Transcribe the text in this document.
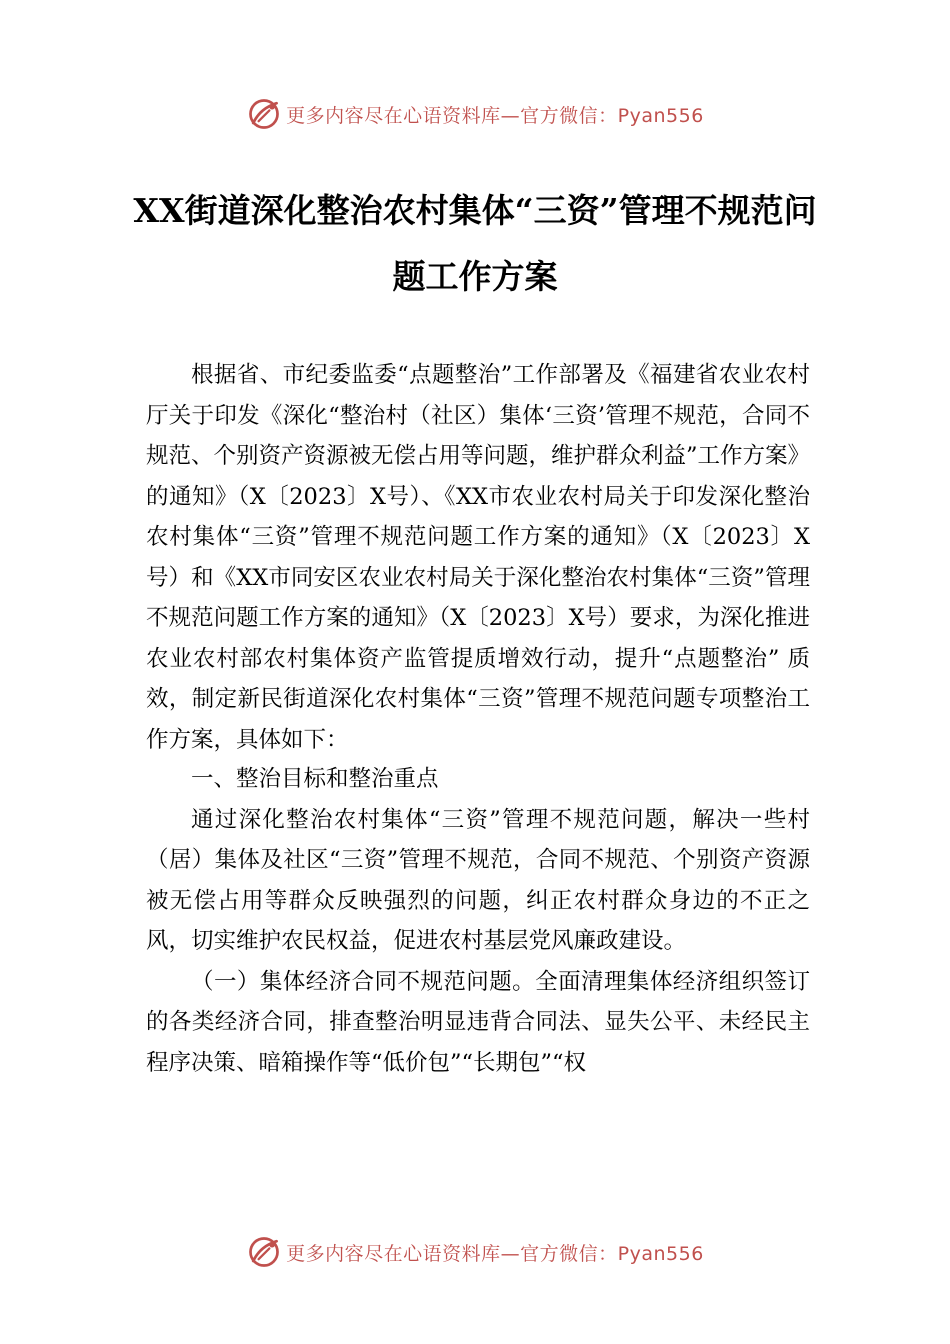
更多内容尽在心语资料库 —官方微信：Pyan556
XX街道深化整治农村集体“三资”管理不规范问题工作方案

根据省、市纪委监委“点题整治”工作部署及《福建省农业农村厅关于印发《深化“整治村（社区）集体‘三资’管理不规范，合同不规范、个别资产资源被无偿占用等问题，维护群众利益”工作方案》的通知》（X〔2023〕X号）、《XX市农业农村局关于印发深化整治农村集体“三资”管理不规范问题工作方案的通知》（X〔2023〕X号）和《XX市同安区农业农村局关于深化整治农村集体“三资”管理不规范问题工作方案的通知》（X〔2023〕X号）要求，为深化推进农业农村部农村集体资产监管提质增效行动，提升“点题整治” 质效，制定新民街道深化农村集体“三资”管理不规范问题专项整治工作方案，具体如下：

一、整治目标和整治重点

通过深化整治农村集体“三资”管理不规范问题，解决一些村（居）集体及社区“三资”管理不规范，合同不规范、个别资产资源被无偿占用等群众反映强烈的问题，纠正农村群众身边的不正之风，切实维护农民权益，促进农村基层党风廉政建设。

（一）集体经济合同不规范问题。全面清理集体经济组织签订的各类经济合同，排查整治明显违背合同法、显失公平、未经民主程序决策、暗箱操作等“低价包”“长期包”“权

更多内容尽在心语资料库 —官方微信：Pyan556
